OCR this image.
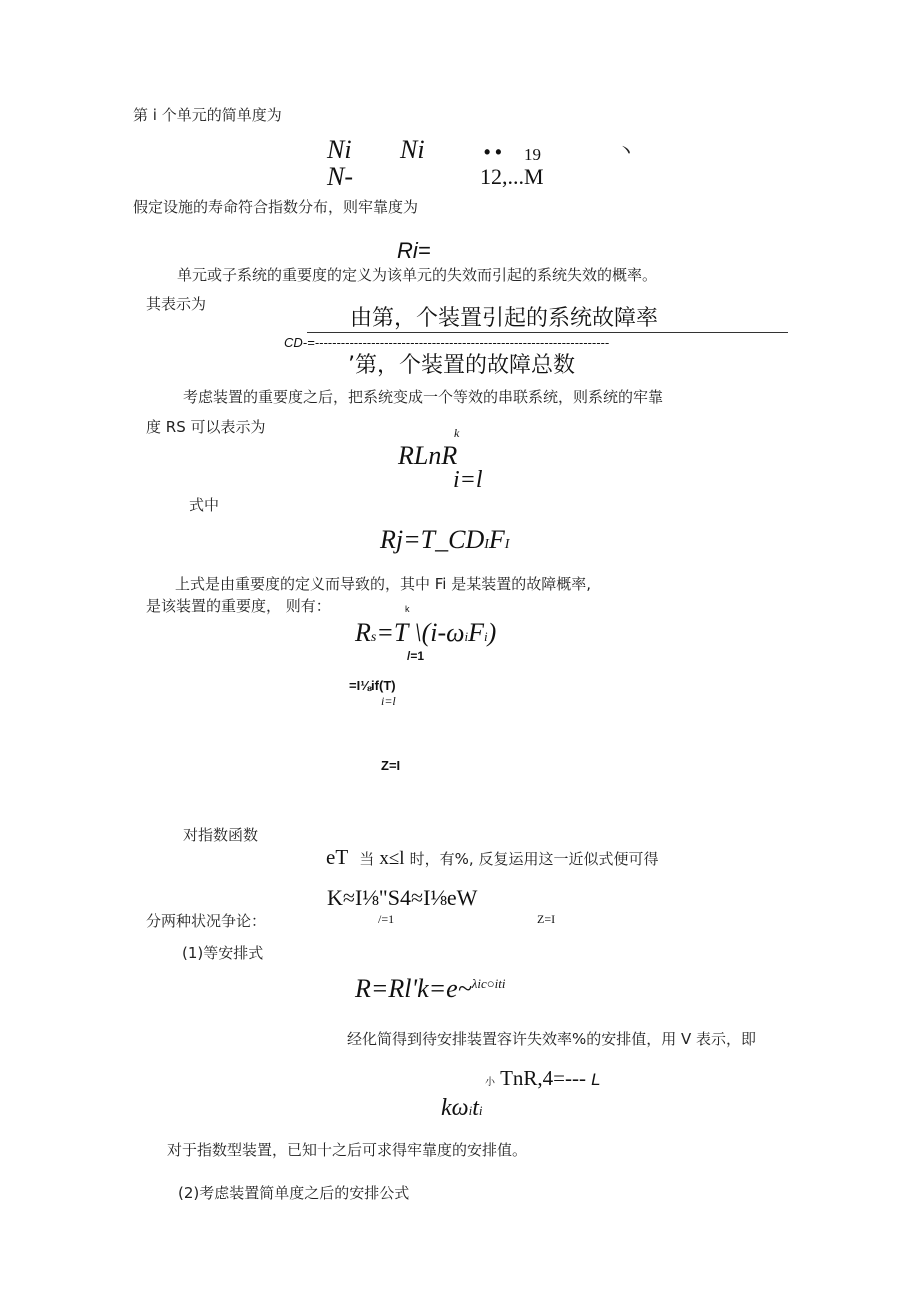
第 i 个单元的简单度为
Ni Ni	• • 19	丶
N-	12,...M
假定设施的寿命符合指数分布，则牢靠度为
Ri=
单元或子系统的重要度的定义为该单元的失效而引起的系统失效的概率。
其表示为
由第，个装置引起的系统故障率
CD-=--------------------------------------------------------------------
’第，个装置的故障总数
考虑装置的重要度之后，把系统变成一个等效的串联系统，则系统的牢靠
度 RS 可以表示为	k
RLnR
i=l
式中
Rj=T_CDIFI
上式是由重要度的定义而导致的，其中 Fi 是某装置的故障概率,
是该装置的重要度， 则有：	k
Rs=T \(i-ωiFi)
/=1
=I⅛if(T)
i=l
Z=I
对指数函数
eT 当 x≤l 时，有%, 反复运用这一近似式便可得
K≈I⅛"S4≈I⅛eW
/=1	Z=I
分两种状况争论：
(1)等安排式
R=Rl'k=e~$^{\lambda ic○iti}$
经化简得到待安排装置容许失效率%的安排值，用 V 表示，即
小 TnR,4=--- L
kωiti
对于指数型装置，已知十之后可求得牢靠度的安排值。
(2)考虑装置简单度之后的安排公式
